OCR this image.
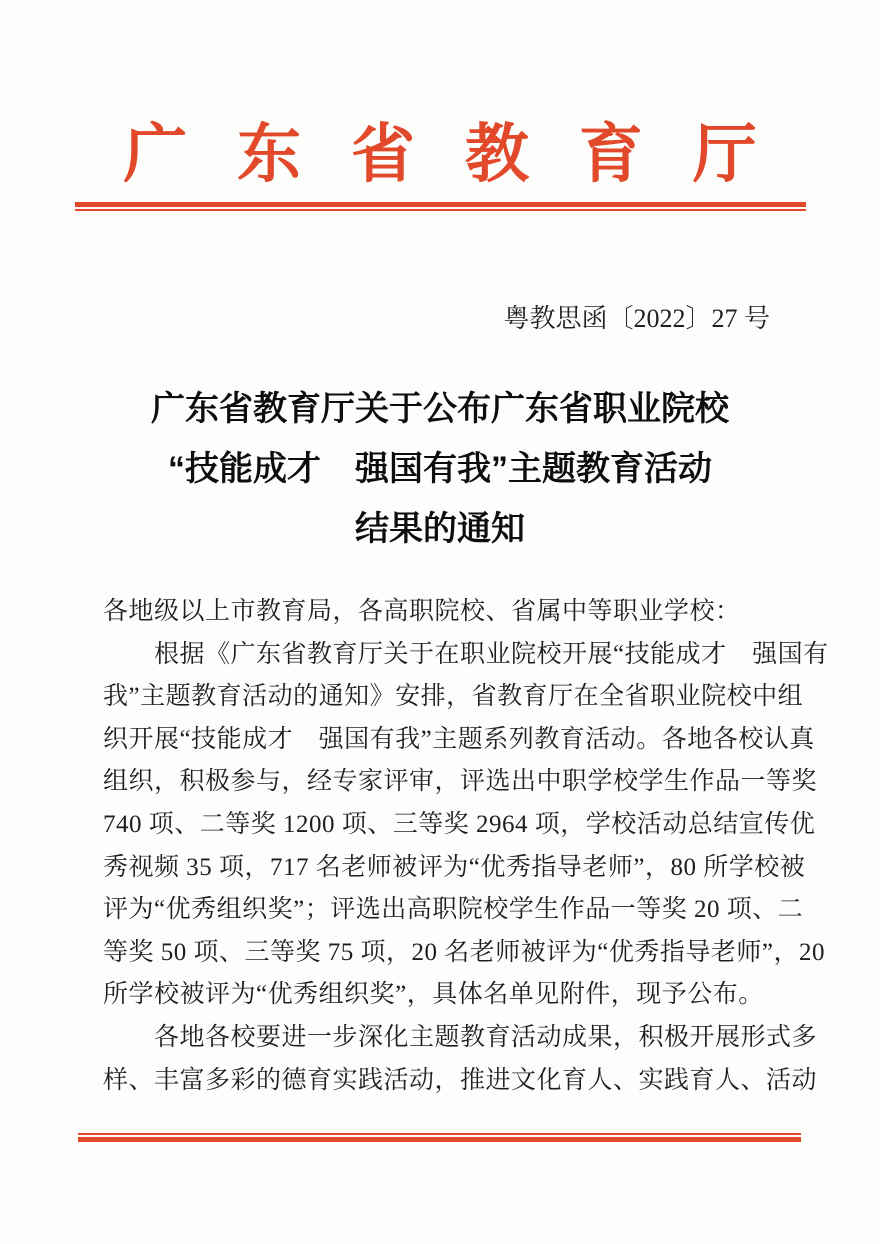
广东省教育厅
粤教思函〔2022〕27 号
广东省教育厅关于公布广东省职业院校
“技能成才　强国有我”主题教育活动
结果的通知
各地级以上市教育局，各高职院校、省属中等职业学校：
　　根据《广东省教育厅关于在职业院校开展“技能成才　强国有
我”主题教育活动的通知》安排，省教育厅在全省职业院校中组
织开展“技能成才　强国有我”主题系列教育活动。各地各校认真
组织，积极参与，经专家评审，评选出中职学校学生作品一等奖
740 项、二等奖 1200 项、三等奖 2964 项，学校活动总结宣传优
秀视频 35 项，717 名老师被评为“优秀指导老师”，80 所学校被
评为“优秀组织奖”；评选出高职院校学生作品一等奖 20 项、二
等奖 50 项、三等奖 75 项，20 名老师被评为“优秀指导老师”，20
所学校被评为“优秀组织奖”，具体名单见附件，现予公布。
　　各地各校要进一步深化主题教育活动成果，积极开展形式多
样、丰富多彩的德育实践活动，推进文化育人、实践育人、活动
